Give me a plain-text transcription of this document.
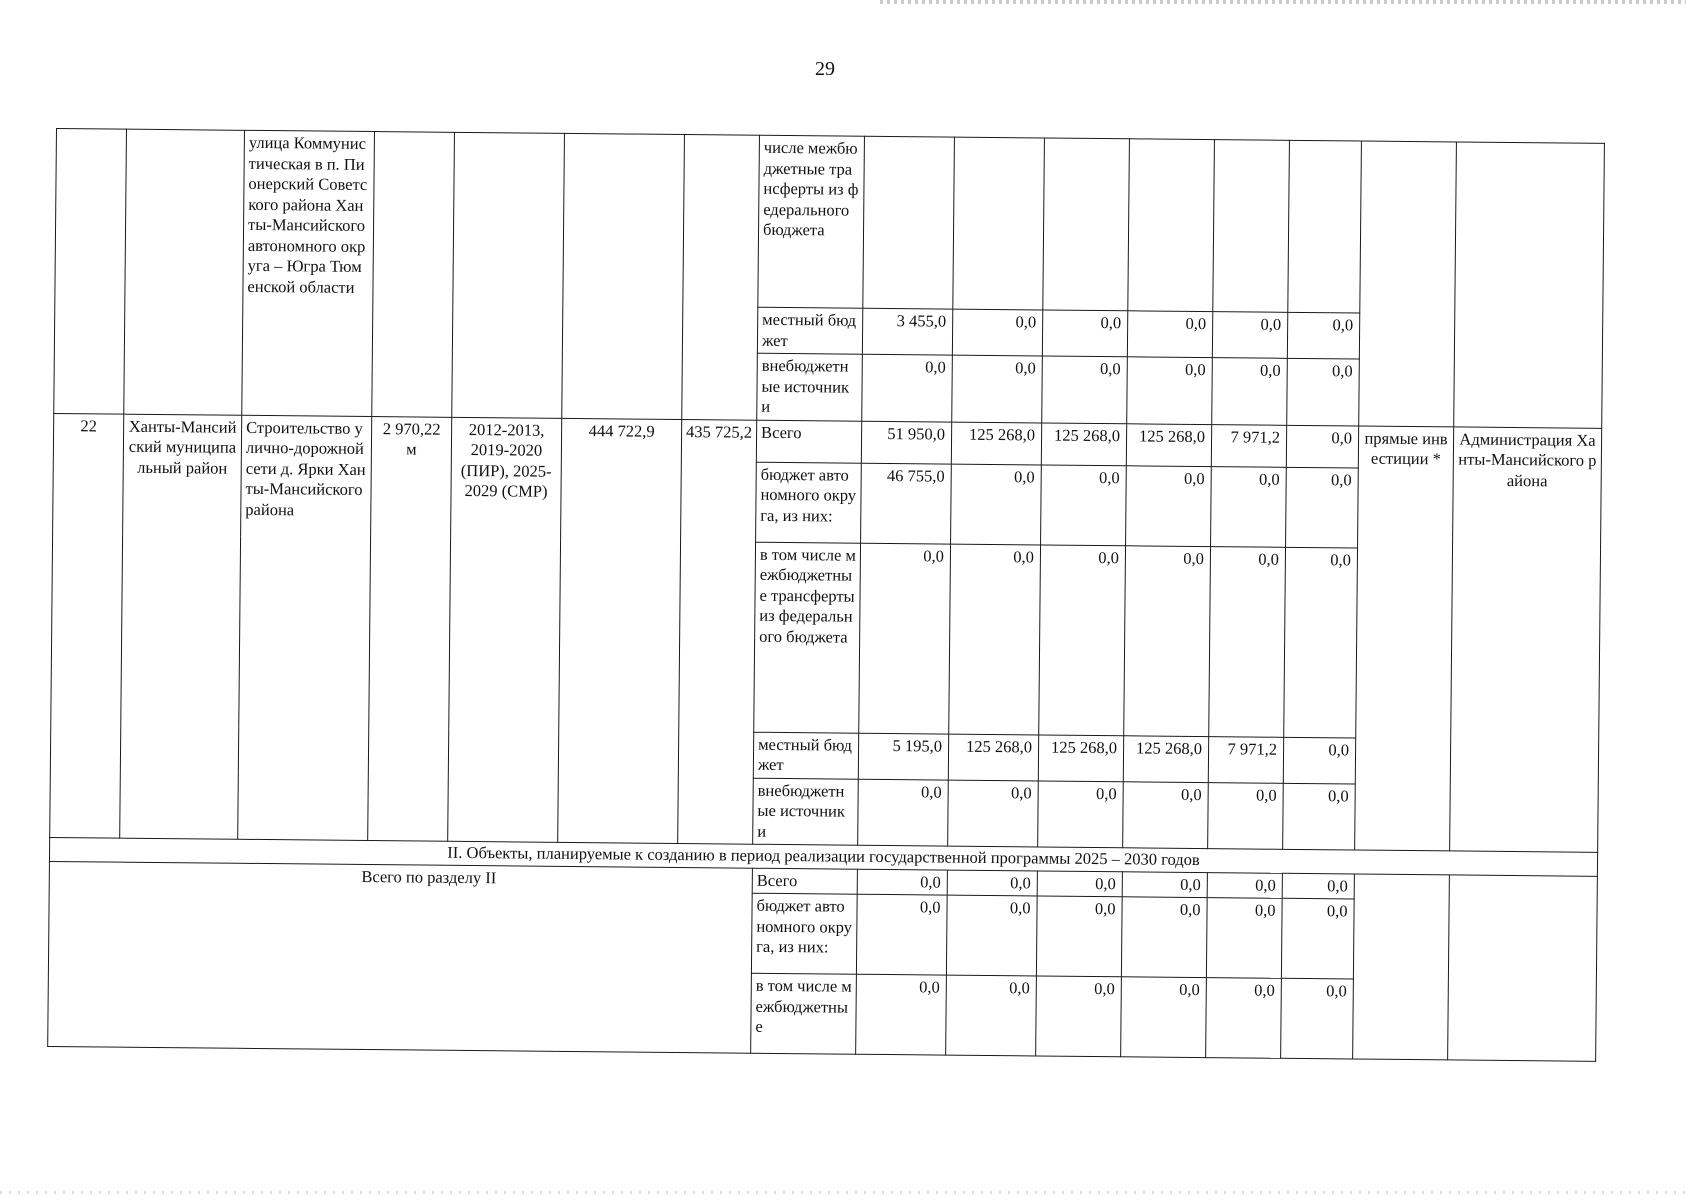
29
		улица Коммунистическая в п. Пионерский Советского района Ханты-Мансийского автономного округа – Югра Тюменской области					числе межбюджетные трансферты из федерального бюджета								
							местный бюджет	3 455,0	0,0	0,0	0,0	0,0	0,0		
							внебюджетные источники	0,0	0,0	0,0	0,0	0,0	0,0		
22	Ханты-Мансийский муниципальный район	Строительство улично-дорожной сети д. Ярки Ханты-Мансийского района	2 970,22 м	2012-2013, 2019-2020 (ПИР), 2025-2029 (СМР)	444 722,9	435 725,2	Всего	51 950,0	125 268,0	125 268,0	125 268,0	7 971,2	0,0	прямые инвестиции *	Администрация Ханты-Мансийского района
							бюджет автономного округа, из них:	46 755,0	0,0	0,0	0,0	0,0	0,0		
							в том числе межбюджетные трансферты из федерального бюджета	0,0	0,0	0,0	0,0	0,0	0,0		
							местный бюджет	5 195,0	125 268,0	125 268,0	125 268,0	7 971,2	0,0		
							внебюджетные источники	0,0	0,0	0,0	0,0	0,0	0,0		
II. Объекты, планируемые к созданию в период реализации государственной программы 2025 – 2030 годов															
Всего по разделу II							Всего	0,0	0,0	0,0	0,0	0,0	0,0		
							бюджет автономного округа, из них:	0,0	0,0	0,0	0,0	0,0	0,0		
							в том числе межбюджетные	0,0	0,0	0,0	0,0	0,0	0,0		
